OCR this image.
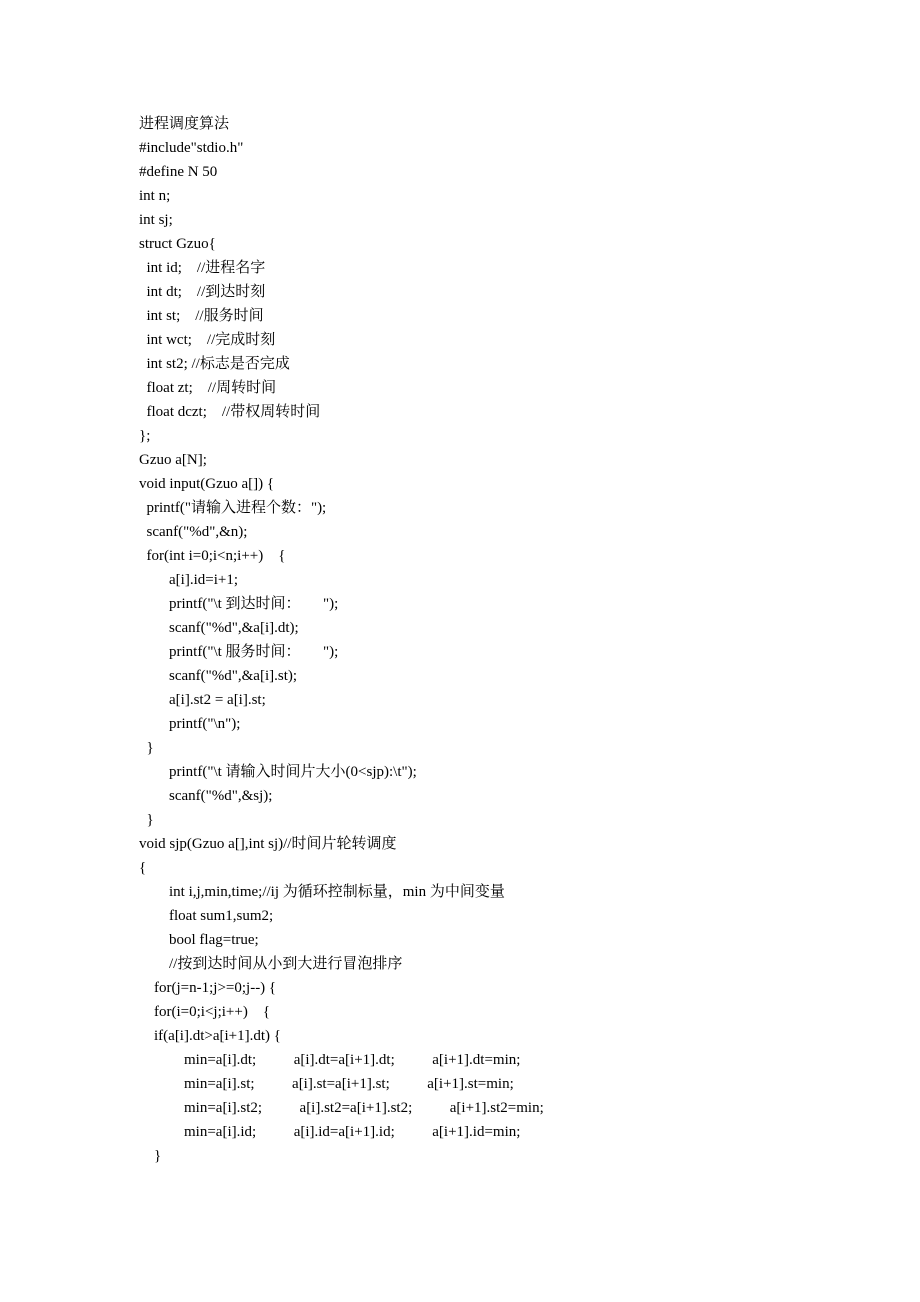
进程调度算法
#include"stdio.h"
#define N 50
int n;
int sj;
struct Gzuo{
int id;    //进程名字
int dt;    //到达时刻
int st;    //服务时间
int wct;    //完成时刻
int st2; //标志是否完成
float zt;    //周转时间
float dczt;    //带权周转时间
};
Gzuo a[N];
void input(Gzuo a[]) {
printf("请输入进程个数：");
scanf("%d",&n);
for(int i=0;i<n;i++)    {
a[i].id=i+1;
printf("\t 到达时间：      ");
scanf("%d",&a[i].dt);
printf("\t 服务时间：      ");
scanf("%d",&a[i].st);
a[i].st2 = a[i].st;
printf("\n");
}
printf("\t 请输入时间片大小(0<sjp):\t");
scanf("%d",&sj);
}
void sjp(Gzuo a[],int sj)//时间片轮转调度
{
int i,j,min,time;//ij 为循环控制标量，min 为中间变量
float sum1,sum2;
bool flag=true;
//按到达时间从小到大进行冒泡排序
for(j=n-1;j>=0;j--) {
for(i=0;i<j;i++)    {
if(a[i].dt>a[i+1].dt) {
min=a[i].dt;          a[i].dt=a[i+1].dt;          a[i+1].dt=min;
min=a[i].st;          a[i].st=a[i+1].st;          a[i+1].st=min;
min=a[i].st2;          a[i].st2=a[i+1].st2;          a[i+1].st2=min;
min=a[i].id;          a[i].id=a[i+1].id;          a[i+1].id=min;
}
